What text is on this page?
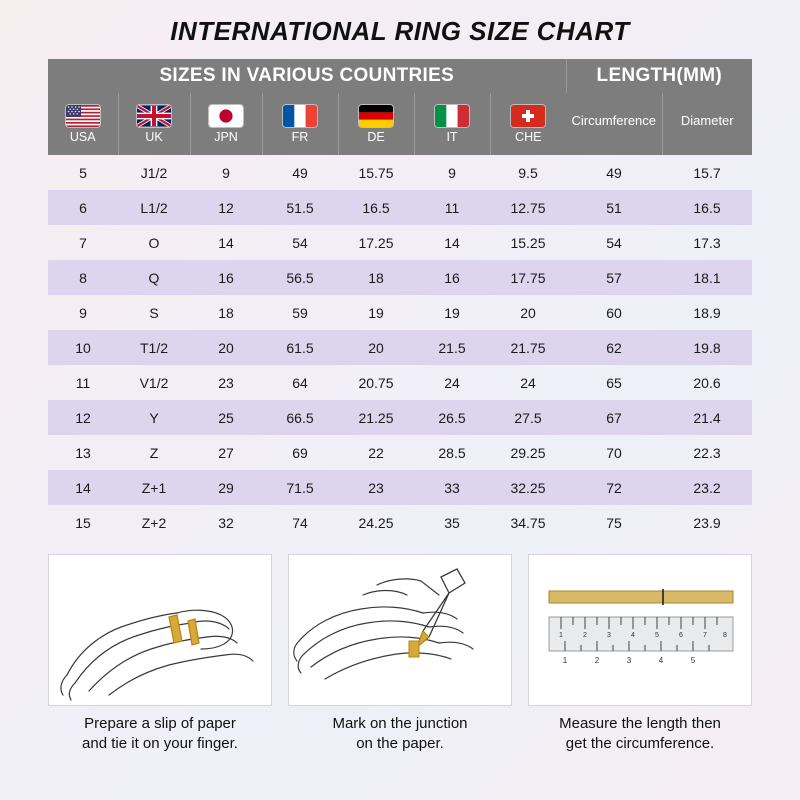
INTERNATIONAL RING SIZE CHART
SIZES IN VARIOUS COUNTRIES							LENGTH(MM)	

USA	UK	JPN	FR	DE	IT	CHE	Circumference	Diameter
5	J1/2	9	49	15.75	9	9.5	49	15.7
6	L1/2	12	51.5	16.5	11	12.75	51	16.5
7	O	14	54	17.25	14	15.25	54	17.3
8	Q	16	56.5	18	16	17.75	57	18.1
9	S	18	59	19	19	20	60	18.9
10	T1/2	20	61.5	20	21.5	21.75	62	19.8
11	V1/2	23	64	20.75	24	24	65	20.6
12	Y	25	66.5	21.25	26.5	27.5	67	21.4
13	Z	27	69	22	28.5	29.25	70	22.3
14	Z+1	29	71.5	23	33	32.25	72	23.2
15	Z+2	32	74	24.25	35	34.75	75	23.9
Prepare a slip of paper
and tie it on your finger.
Mark on the junction
on the paper.
1	2	3	4	5	6	7 8
1	2	3	4	5
Measure the length then
get the circumference.
